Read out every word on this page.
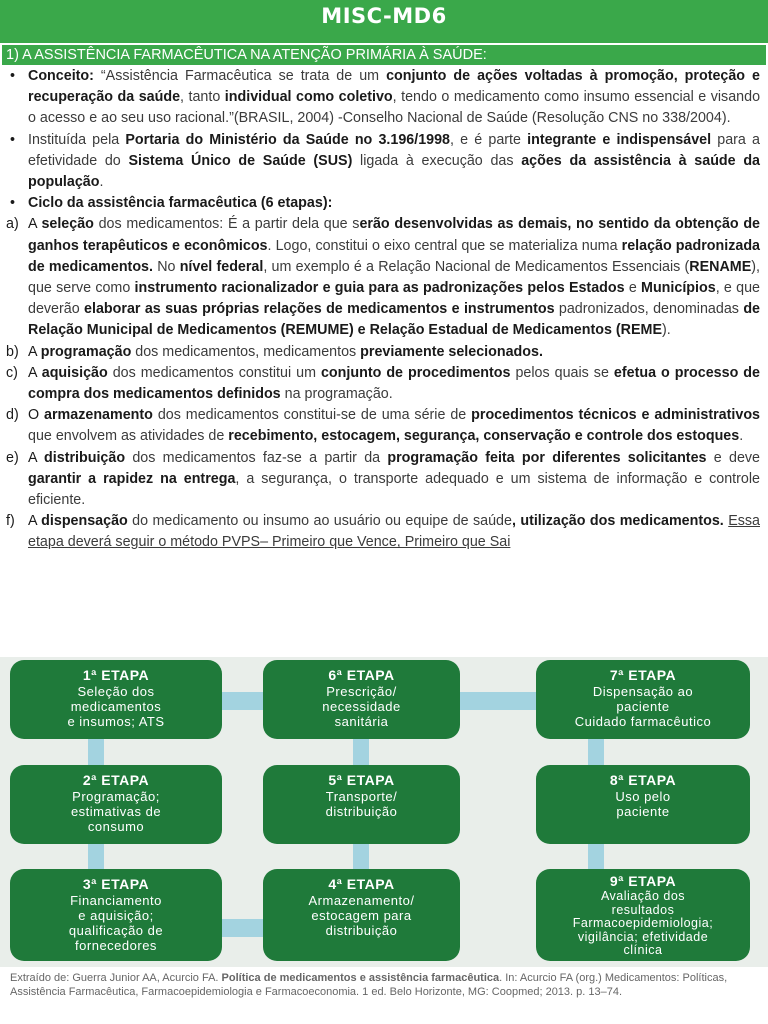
MISC-MD6
1) A ASSISTÊNCIA FARMACÊUTICA NA ATENÇÃO PRIMÁRIA À SAÚDE:
• Conceito: “Assistência Farmacêutica se trata de um conjunto de ações voltadas à promoção, proteção e recuperação da saúde, tanto individual como coletivo, tendo o medicamento como insumo essencial e visando o acesso e ao seu uso racional.”(BRASIL, 2004) -Conselho Nacional de Saúde (Resolução CNS no 338/2004).
• Instituída pela Portaria do Ministério da Saúde no 3.196/1998, e é parte integrante e indispensável para a efetividade do Sistema Único de Saúde (SUS) ligada à execução das ações da assistência à saúde da população.
• Ciclo da assistência farmacêutica (6 etapas):
a) A seleção dos medicamentos: É a partir dela que serão desenvolvidas as demais, no sentido da obtenção de ganhos terapêuticos e econômicos. Logo, constitui o eixo central que se materializa numa relação padronizada de medicamentos. No nível federal, um exemplo é a Relação Nacional de Medicamentos Essenciais (RENAME), que serve como instrumento racionalizador e guia para as padronizações pelos Estados e Municípios, e que deverão elaborar as suas próprias relações de medicamentos e instrumentos padronizados, denominadas de Relação Municipal de Medicamentos (REMUME) e Relação Estadual de Medicamentos (REME).
b) A programação dos medicamentos, medicamentos previamente selecionados.
c) A aquisição dos medicamentos constitui um conjunto de procedimentos pelos quais se efetua o processo de compra dos medicamentos definidos na programação.
d) O armazenamento dos medicamentos constitui-se de uma série de procedimentos técnicos e administrativos que envolvem as atividades de recebimento, estocagem, segurança, conservação e controle dos estoques.
e) A distribuição dos medicamentos faz-se a partir da programação feita por diferentes solicitantes e deve garantir a rapidez na entrega, a segurança, o transporte adequado e um sistema de informação e controle eficiente.
f) A dispensação do medicamento ou insumo ao usuário ou equipe de saúde, utilização dos medicamentos. Essa etapa deverá seguir o método PVPS– Primeiro que Vence, Primeiro que Sai
1ª ETAPA
Seleção dos
medicamentos
e insumos; ATS
6ª ETAPA
Prescrição/
necessidade
sanitária
7ª ETAPA
Dispensação ao
paciente
Cuidado farmacêutico
2ª ETAPA
Programação;
estimativas de
consumo
5ª ETAPA
Transporte/
distribuição
8ª ETAPA
Uso pelo
paciente
3ª ETAPA
Financiamento
e aquisição;
qualificação de
fornecedores
4ª ETAPA
Armazenamento/
estocagem para
distribuição
9ª ETAPA
Avaliação dos
resultados
Farmacoepidemiologia;
vigilância; efetividade
clínica
Extraído de: Guerra Junior AA, Acurcio FA. Política de medicamentos e assistência farmacêutica. In: Acurcio FA (org.) Medicamentos: Políticas, Assistência Farmacêutica, Farmacoepidemiologia e Farmacoeconomia. 1 ed. Belo Horizonte, MG: Coopmed; 2013. p. 13–74.
